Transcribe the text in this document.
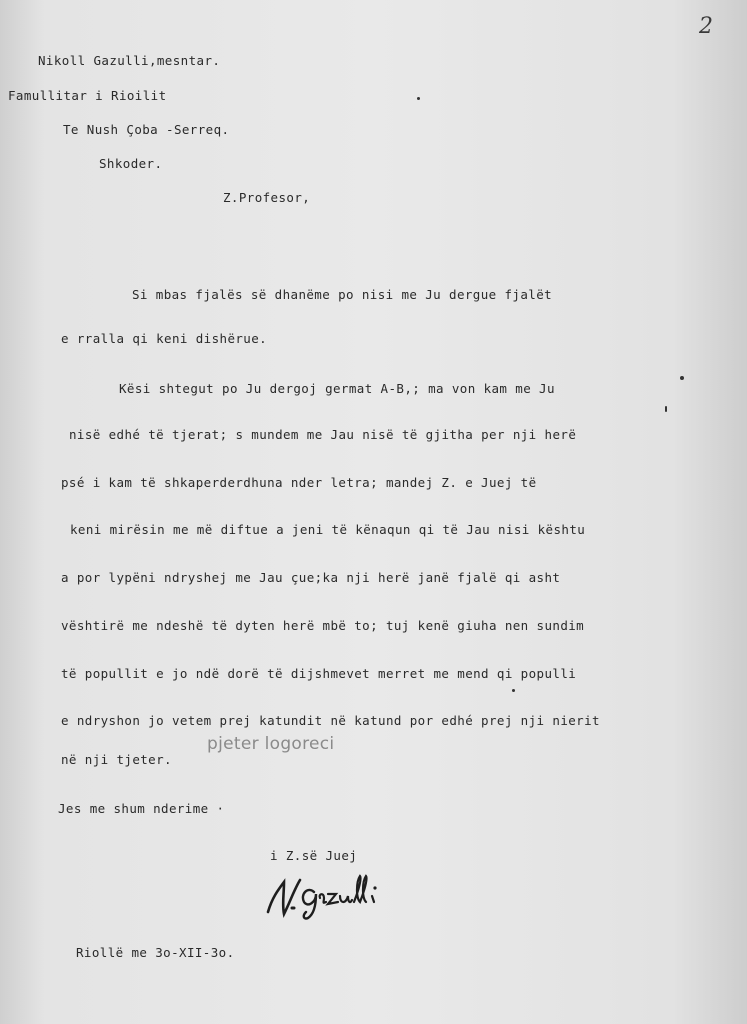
2
Nikoll Gazulli,mesntar.
Famullitar i Rioilit
Te Nush Çoba -Serreq.
Shkoder.
Z.Profesor,
Si mbas fjalës së dhanëme po nisi me Ju dergue fjalët
e rralla qi keni dishërue.
Kësi shtegut po Ju dergoj germat A-B,; ma von kam me Ju
nisë edhé të tjerat; s mundem me Jau nisë të gjitha per nji herë
psé i kam të shkaperderdhuna nder letra; mandej Z. e Juej të
keni mirësin me më diftue a jeni të kënaqun qi të Jau nisi kështu
a por lypëni ndryshej me Jau çue;ka nji herë janë fjalë qi asht
vështirë me ndeshë të dyten herë mbë to; tuj kenë giuha nen sundim
të popullit e jo ndë dorë të dijshmevet merret me mend qi populli
e ndryshon jo vetem prej katundit në katund por edhé prej nji nierit
në nji tjeter.
pjeter logoreci
Jes me shum nderime ·
i Z.së Juej
Riollë me 3o-XII-3o.
